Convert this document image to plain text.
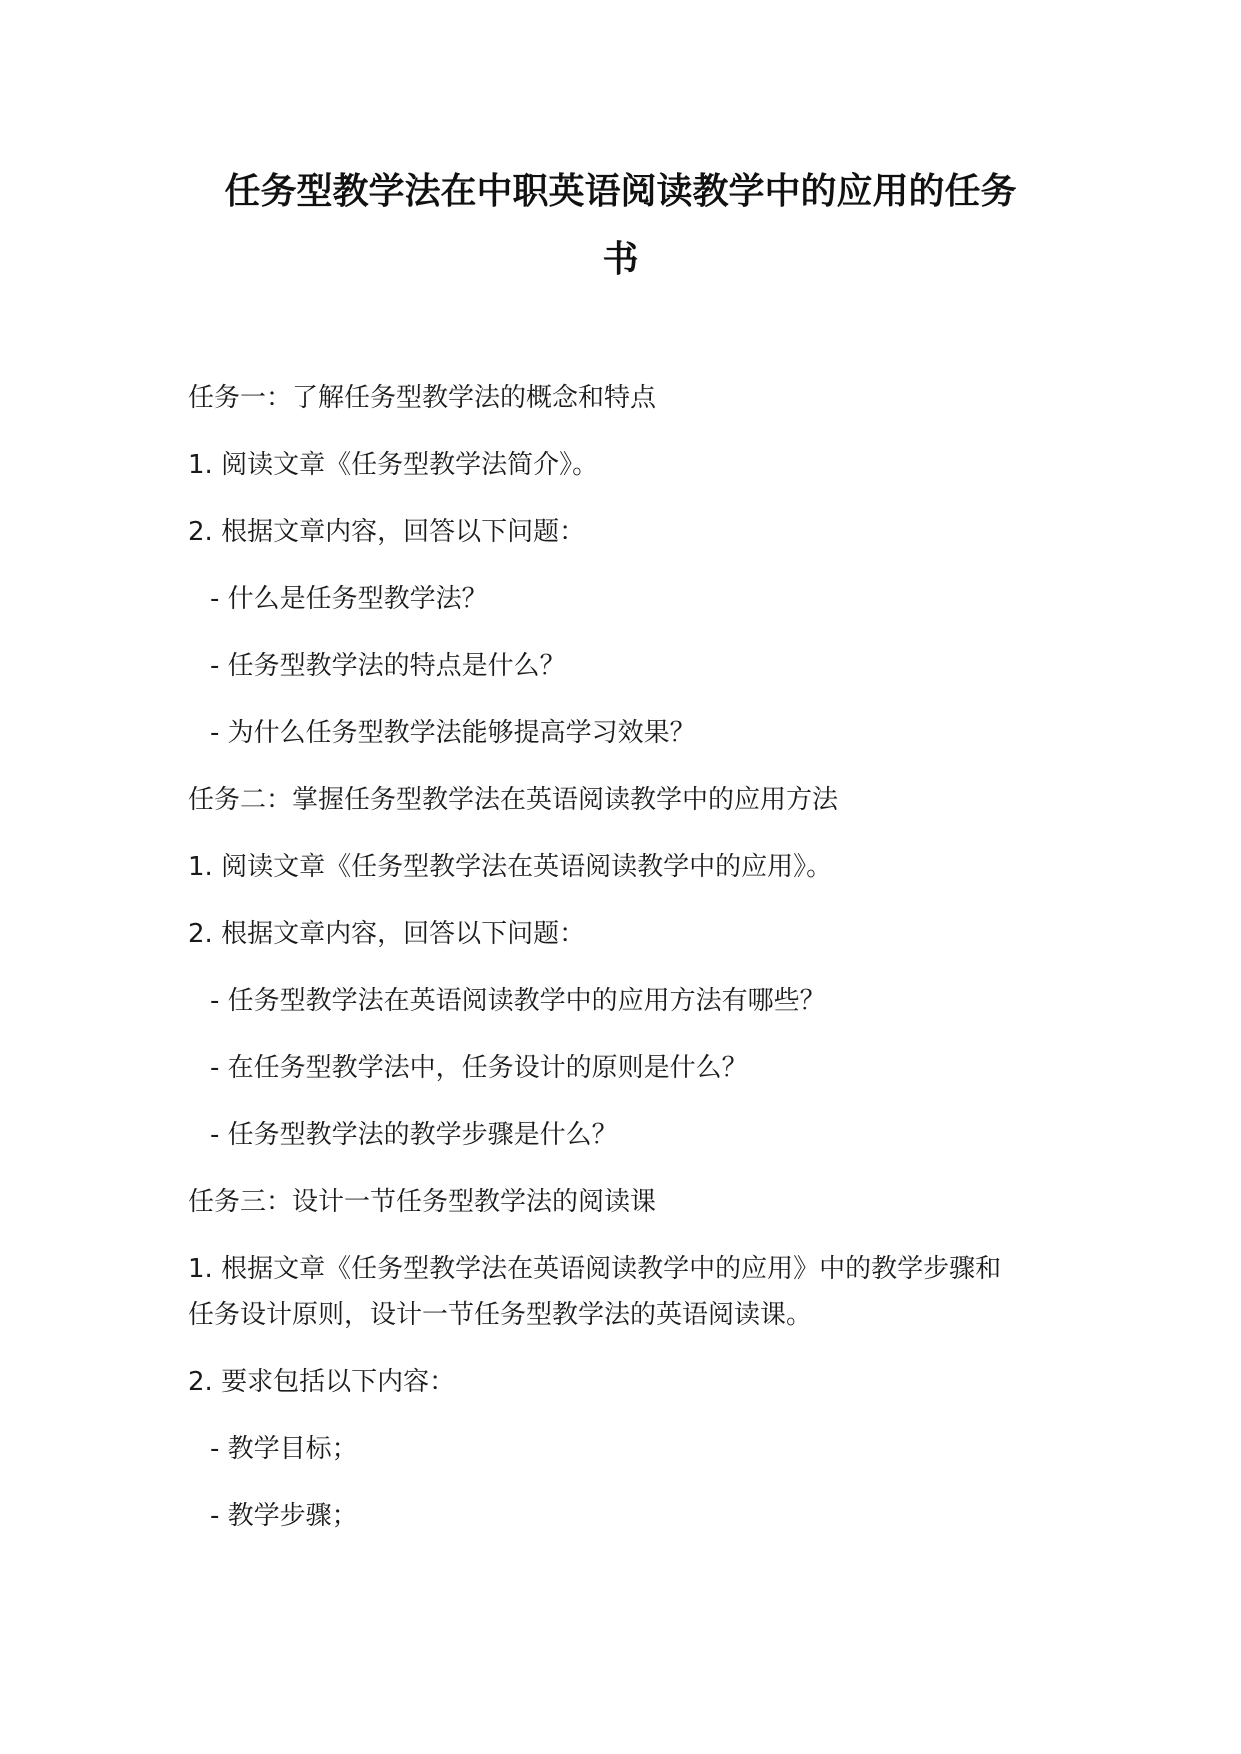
任务型教学法在中职英语阅读教学中的应用的任务
书

任务一：了解任务型教学法的概念和特点

1. 阅读文章《任务型教学法简介》。

2. 根据文章内容，回答以下问题：

- 什么是任务型教学法？

- 任务型教学法的特点是什么？

- 为什么任务型教学法能够提高学习效果？

任务二：掌握任务型教学法在英语阅读教学中的应用方法

1. 阅读文章《任务型教学法在英语阅读教学中的应用》。

2. 根据文章内容，回答以下问题：

- 任务型教学法在英语阅读教学中的应用方法有哪些？

- 在任务型教学法中，任务设计的原则是什么？

- 任务型教学法的教学步骤是什么？

任务三：设计一节任务型教学法的阅读课

1. 根据文章《任务型教学法在英语阅读教学中的应用》中的教学步骤和

任务设计原则，设计一节任务型教学法的英语阅读课。

2. 要求包括以下内容：

- 教学目标；

- 教学步骤；
